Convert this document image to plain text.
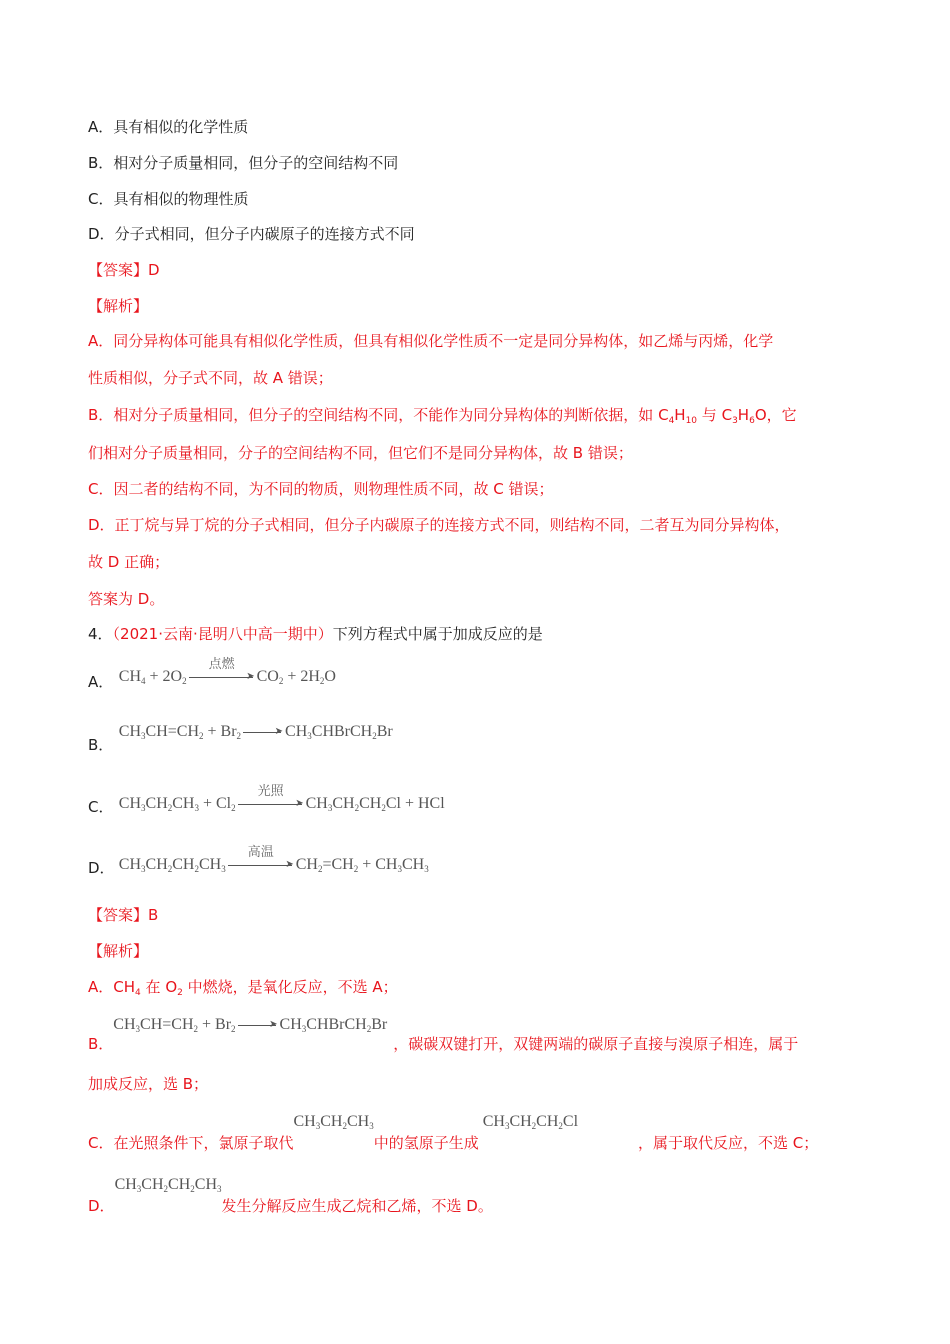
A．具有相似的化学性质
B．相对分子质量相同，但分子的空间结构不同
C．具有相似的物理性质
D．分子式相同，但分子内碳原子的连接方式不同
【答案】D
【解析】
A．同分异构体可能具有相似化学性质，但具有相似化学性质不一定是同分异构体，如乙烯与丙烯，化学
性质相似，分子式不同，故 A 错误；
B．相对分子质量相同，但分子的空间结构不同，不能作为同分异构体的判断依据，如 $C_4H_{10}$ 与 $C_3H_6O$，它
们相对分子质量相同，分子的空间结构不同，但它们不是同分异构体，故 B 错误；
C．因二者的结构不同，为不同的物质，则物理性质不同，故 C 错误；
D．正丁烷与异丁烷的分子式相同，但分子内碳原子的连接方式不同，则结构不同，二者互为同分异构体，
故 D 正确；
答案为 D。
4．（2021·云南·昆明八中高一期中）下列方程式中属于加成反应的是
A． $CH_4 + 2O_2$
点燃
➤ $CO_2 + 2H_2O$
B． $CH_3CH=CH_2 + Br_2$	➤ $CH_3CHBrCH_2Br$
C． $CH_3CH_2CH_3 + Cl_2$
光照
➤ $CH_3CH_2CH_2Cl$ + HCl
D． $CH_3CH_2CH_2CH_3$
高温
➤ $CH_2=CH_2 + CH_3CH_3$
【答案】B
【解析】
A．$CH_4$ 在 $O_2$ 中燃烧，是氧化反应，不选 A；
B．$CH_3CH=CH_2 + Br_2$	➤ $CH_3CHBrCH_2Br$，碳碳双键打开，双键两端的碳原子直接与溴原子相连，属于
加成反应，选 B；
C．在光照条件下，氯原子取代$CH_3CH_2CH_3$中的氢原子生成$CH_3CH_2CH_2Cl$，属于取代反应，不选 C；
D．$CH_3CH_2CH_2CH_3$发生分解反应生成乙烷和乙烯，不选 D。
